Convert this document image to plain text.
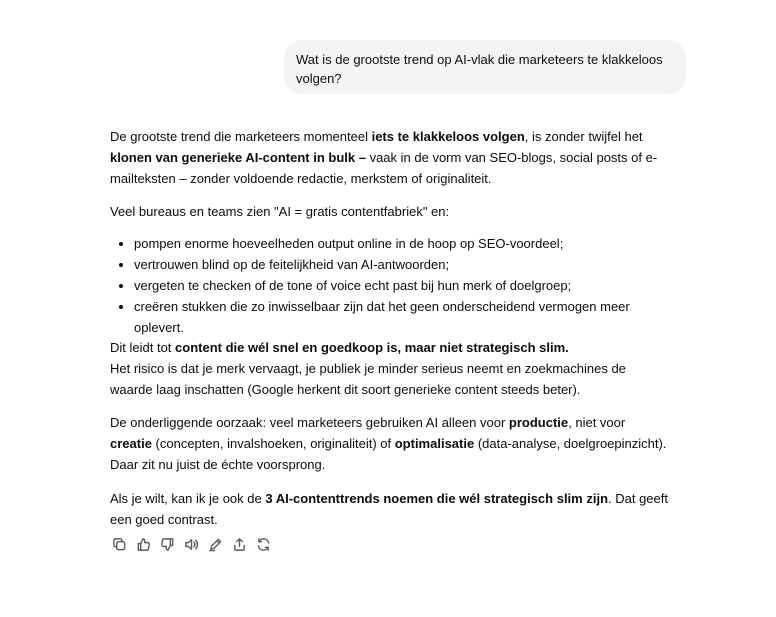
Wat is de grootste trend op AI-vlak die marketeers te klakkeloos volgen?

De grootste trend die marketeers momenteel iets te klakkeloos volgen, is zonder twijfel het klonen van generieke AI-content in bulk – vaak in de vorm van SEO-blogs, social posts of e-mailteksten – zonder voldoende redactie, merkstem of originaliteit.

Veel bureaus en teams zien "AI = gratis contentfabriek" en:

• pompen enorme hoeveelheden output online in de hoop op SEO-voordeel;
• vertrouwen blind op de feitelijkheid van AI-antwoorden;
• vergeten te checken of de tone of voice echt past bij hun merk of doelgroep;
• creëren stukken die zo inwisselbaar zijn dat het geen onderscheidend vermogen meer oplevert.

Dit leidt tot content die wél snel en goedkoop is, maar niet strategisch slim.
Het risico is dat je merk vervaagt, je publiek je minder serieus neemt en zoekmachines de waarde laag inschatten (Google herkent dit soort generieke content steeds beter).

De onderliggende oorzaak: veel marketeers gebruiken AI alleen voor productie, niet voor creatie (concepten, invalshoeken, originaliteit) of optimalisatie (data-analyse, doelgroepinzicht).
Daar zit nu juist de échte voorsprong.

Als je wilt, kan ik je ook de 3 AI-contenttrends noemen die wél strategisch slim zijn. Dat geeft een goed contrast.
